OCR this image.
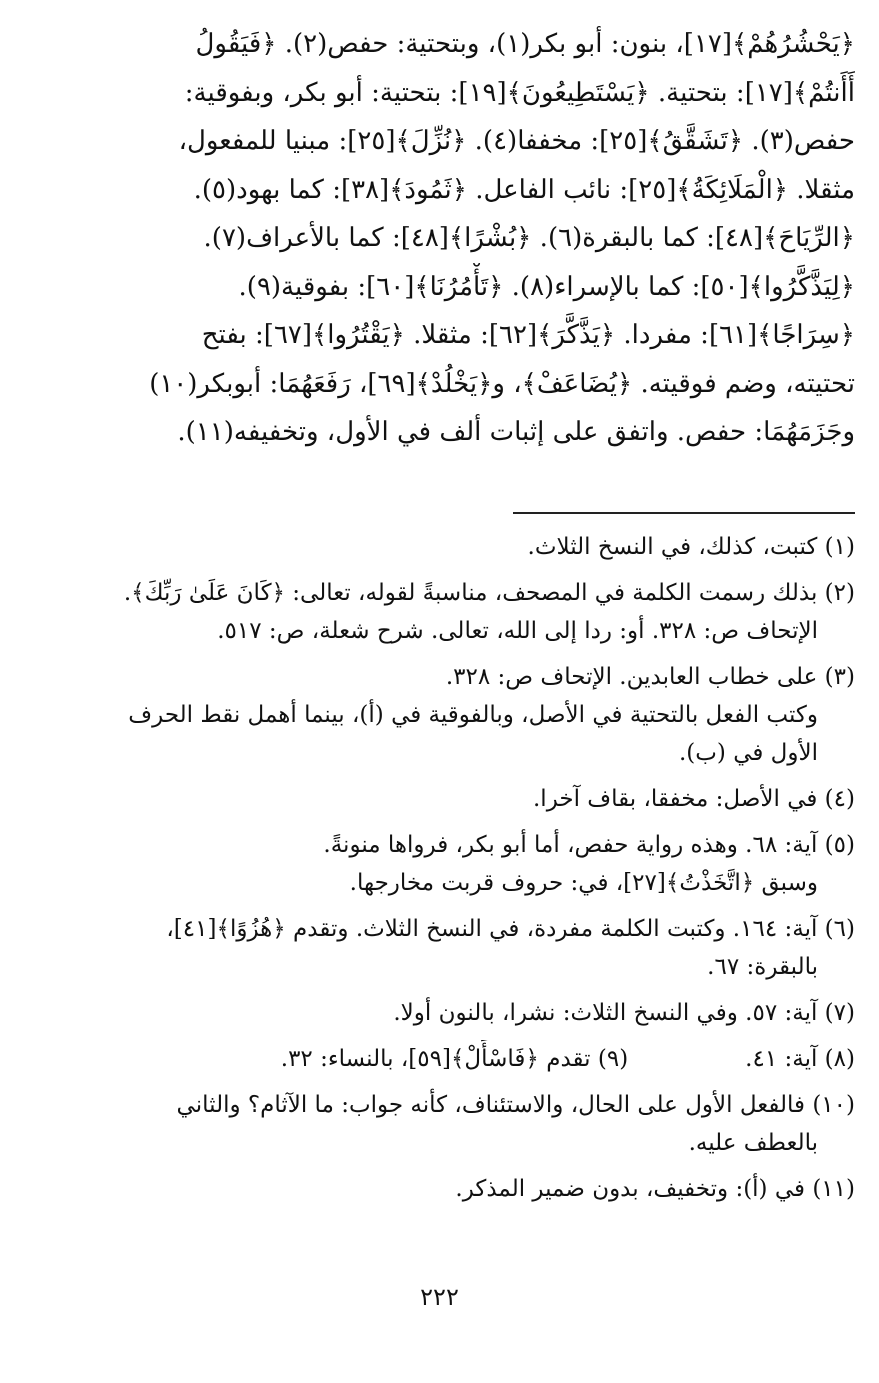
﴿يَحْشُرُهُمْ﴾[١٧]، بنون: أبو بكر(١)، وبتحتية: حفص(٢). ﴿فَيَقُولُ
أَأَنتُمْ﴾[١٧]: بتحتية. ﴿يَسْتَطِيعُونَ﴾[١٩]: بتحتية: أبو بكر، وبفوقية:
حفص(٣). ﴿تَشَقَّقُ﴾[٢٥]: مخففا(٤). ﴿نُزِّلَ﴾[٢٥]: مبنيا للمفعول،
مثقلا. ﴿الْمَلَائِكَةُ﴾[٢٥]: نائب الفاعل. ﴿ثَمُودَ﴾[٣٨]: كما بهود(٥).
﴿الرِّيَاحَ﴾[٤٨]: كما بالبقرة(٦). ﴿بُشْرًا﴾[٤٨]: كما بالأعراف(٧).
﴿لِيَذَّكَّرُوا﴾[٥٠]: كما بالإسراء(٨). ﴿تَأْمُرُنَا﴾[٦٠]: بفوقية(٩).
﴿سِرَاجًا﴾[٦١]: مفردا. ﴿يَذَّكَّرَ﴾[٦٢]: مثقلا. ﴿يَقْتُرُوا﴾[٦٧]: بفتح
تحتيته، وضم فوقيته. ﴿يُضَاعَفْ﴾، و﴿يَخْلُدْ﴾[٦٩]، رَفَعَهُمَا: أبوبكر(١٠)
وجَزَمَهُمَا: حفص. واتفق على إثبات ألف في الأول، وتخفيفه(١١).
(١) كتبت، كذلك، في النسخ الثلاث.
(٢) بذلك رسمت الكلمة في المصحف، مناسبةً لقوله، تعالى: ﴿كَانَ عَلَىٰ رَبِّكَ﴾.
الإتحاف ص: ٣٢٨. أو: ردا إلى الله، تعالى. شرح شعلة، ص: ٥١٧.
(٣) على خطاب العابدين. الإتحاف ص: ٣٢٨.
وكتب الفعل بالتحتية في الأصل، وبالفوقية في (أ)، بينما أهمل نقط الحرف
الأول في (ب).
(٤) في الأصل: مخفقا، بقاف آخرا.
(٥) آية: ٦٨. وهذه رواية حفص، أما أبو بكر، فرواها منونةً.
وسبق ﴿اتَّخَذْتُ﴾[٢٧]، في: حروف قربت مخارجها.
(٦) آية: ١٦٤. وكتبت الكلمة مفردة، في النسخ الثلاث. وتقدم ﴿هُزُوًا﴾[٤١]،
بالبقرة: ٦٧.
(٧) آية: ٥٧. وفي النسخ الثلاث: نشرا، بالنون أولا.
(٨) آية: ٤١.                (٩) تقدم ﴿فَاسْأَلْ﴾[٥٩]، بالنساء: ٣٢.
(١٠) فالفعل الأول على الحال، والاستئناف، كأنه جواب: ما الآثام؟ والثاني
بالعطف عليه.
(١١) في (أ): وتخفيف، بدون ضمير المذكر.
٢٢٢
